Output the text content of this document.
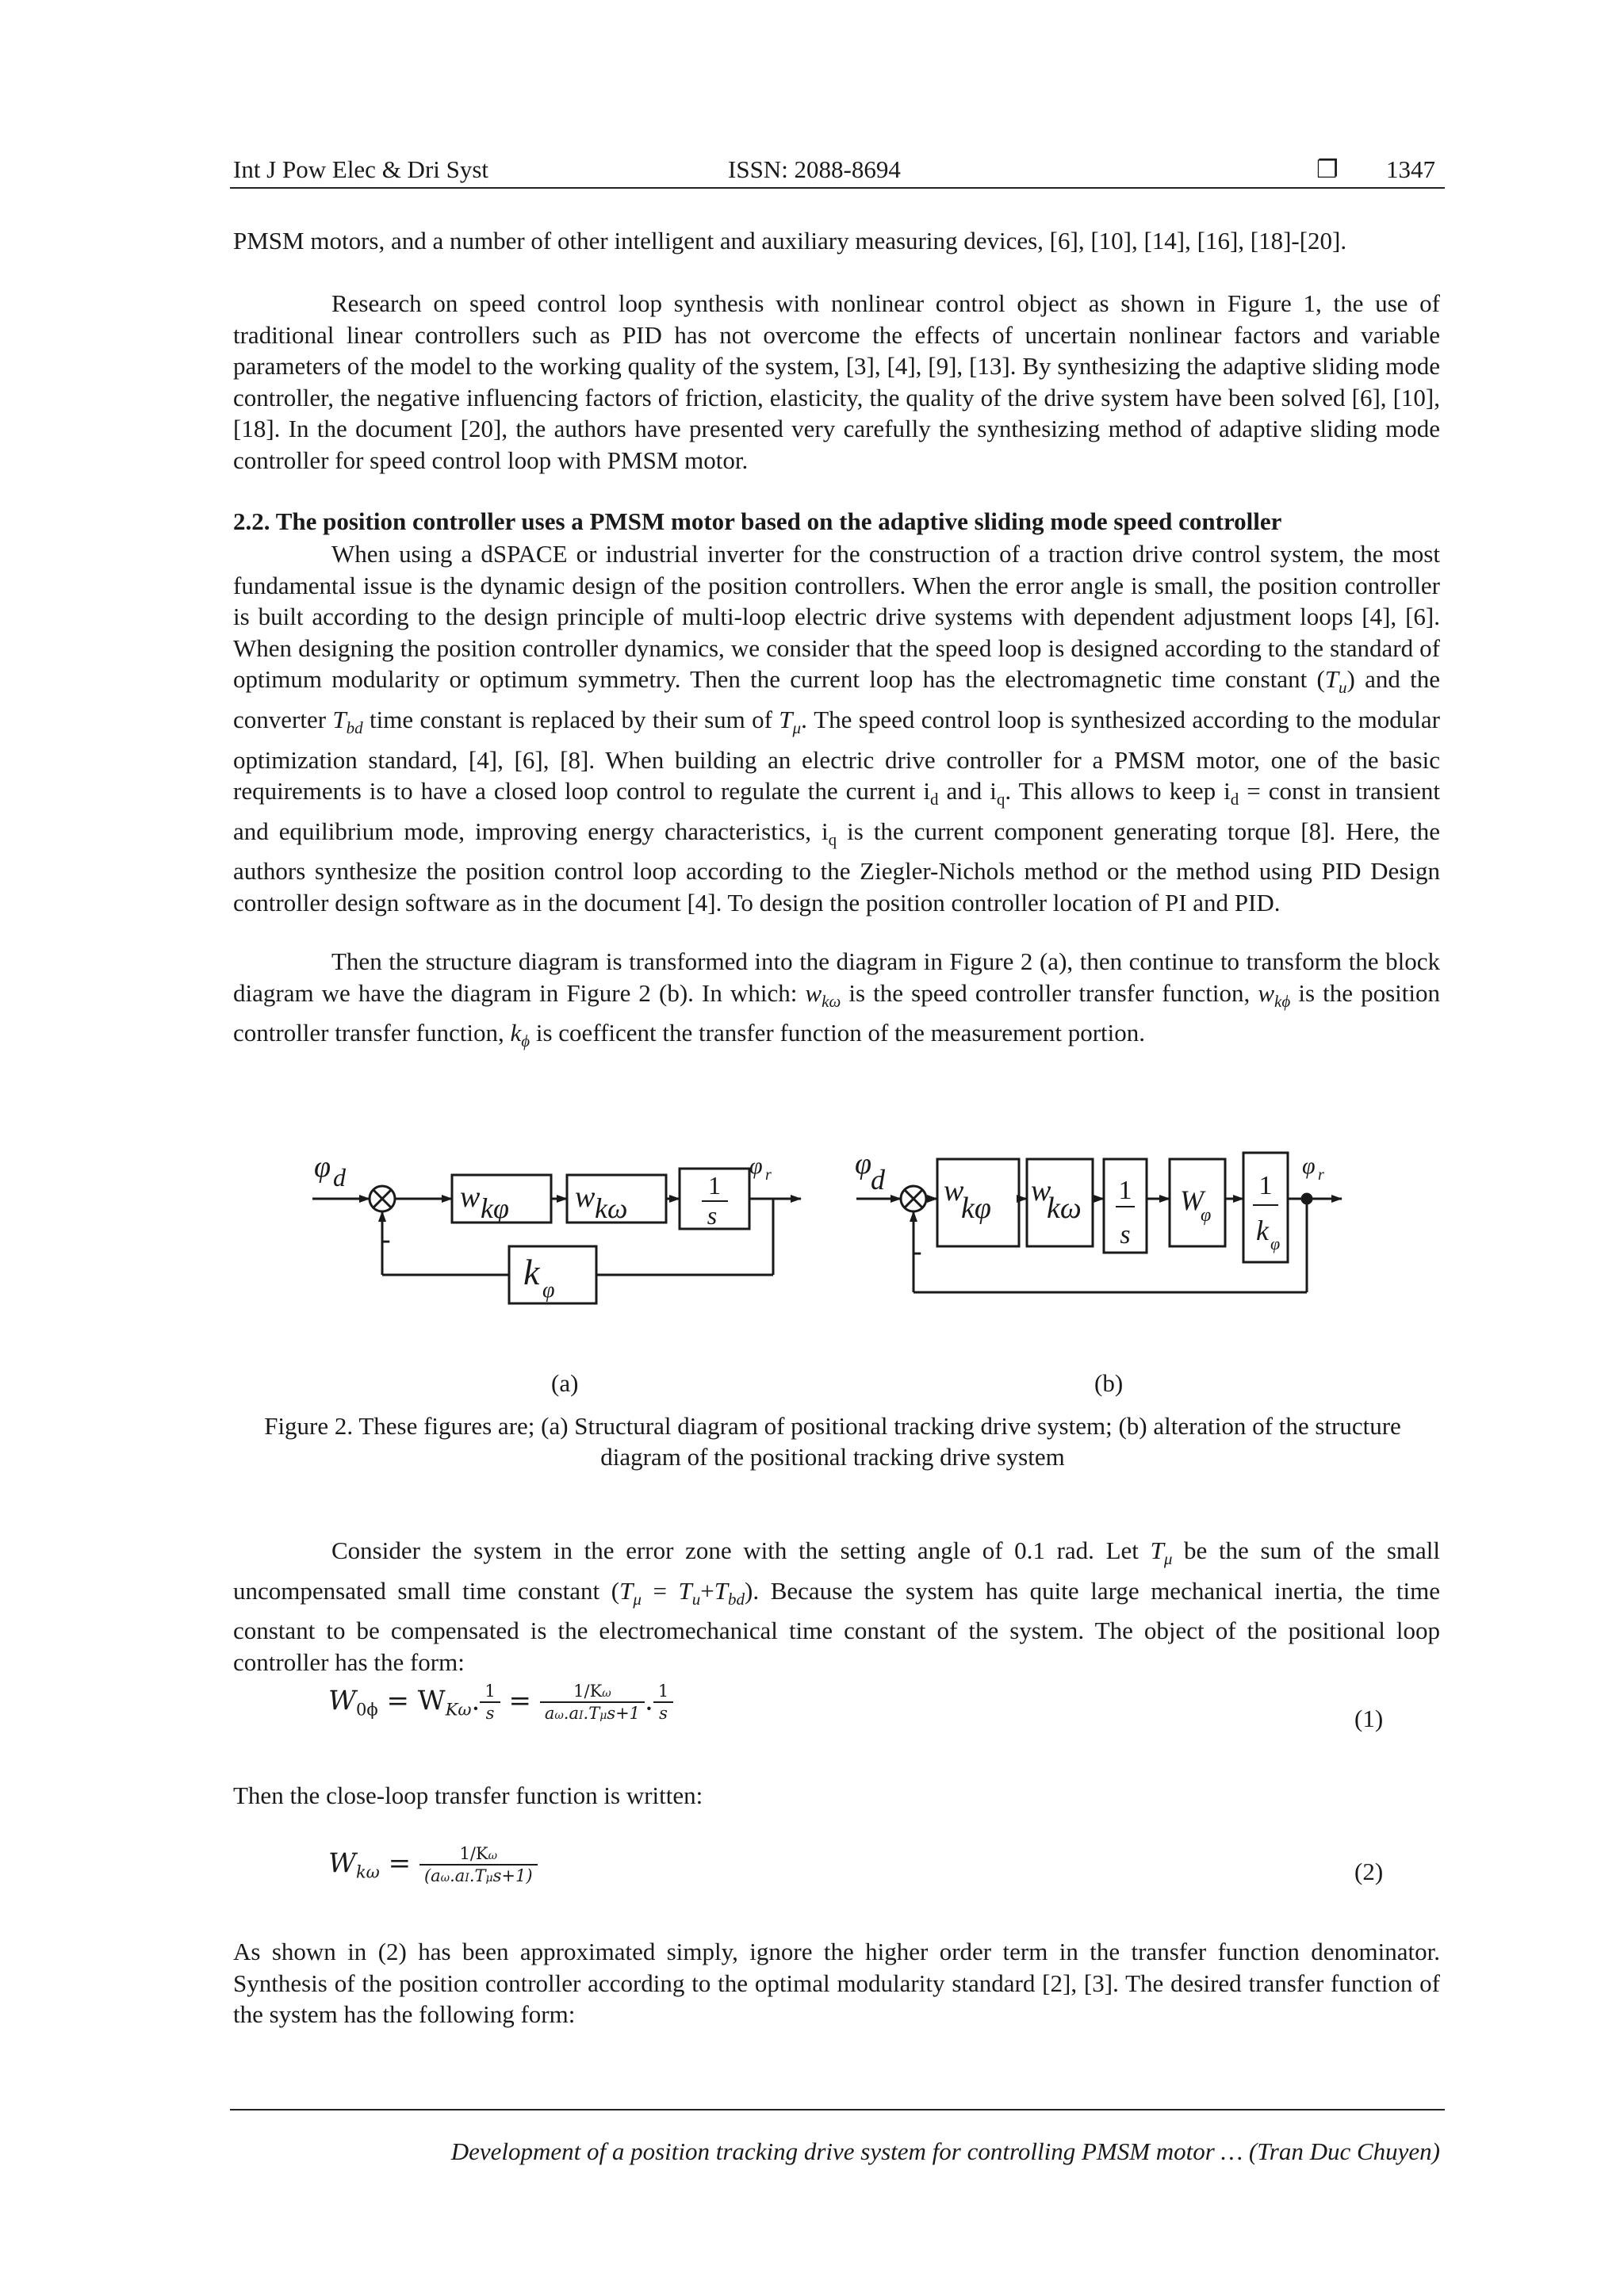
Int J Pow Elec & Dri Syst	ISSN: 2088-8694	❐ 1347

PMSM motors, and a number of other intelligent and auxiliary measuring devices, [6], [10], [14], [16], [18]-[20].

Research on speed control loop synthesis with nonlinear control object as shown in Figure 1, the use of traditional linear controllers such as PID has not overcome the effects of uncertain nonlinear factors and variable parameters of the model to the working quality of the system, [3], [4], [9], [13]. By synthesizing the adaptive sliding mode controller, the negative influencing factors of friction, elasticity, the quality of the drive system have been solved [6], [10], [18]. In the document [20], the authors have presented very carefully the synthesizing method of adaptive sliding mode controller for speed control loop with PMSM motor.

2.2. The position controller uses a PMSM motor based on the adaptive sliding mode speed controller

When using a dSPACE or industrial inverter for the construction of a traction drive control system, the most fundamental issue is the dynamic design of the position controllers. When the error angle is small, the position controller is built according to the design principle of multi-loop electric drive systems with dependent adjustment loops [4], [6]. When designing the position controller dynamics, we consider that the speed loop is designed according to the standard of optimum modularity or optimum symmetry. Then the current loop has the electromagnetic time constant $(T_u)$ and the converter $T_{bd}$ time constant is replaced by their sum of $T_\mu$. The speed control loop is synthesized according to the modular optimization standard, [4], [6], [8]. When building an electric drive controller for a PMSM motor, one of the basic requirements is to have a closed loop control to regulate the current $i_d$ and $i_q$. This allows to keep $i_d$ = const in transient and equilibrium mode, improving energy characteristics, $i_q$ is the current component generating torque [8]. Here, the authors synthesize the position control loop according to the Ziegler-Nichols method or the method using PID Design controller design software as in the document [4]. To design the position controller location of PI and PID.

Then the structure diagram is transformed into the diagram in Figure 2 (a), then continue to transform the block diagram we have the diagram in Figure 2 (b). In which: $w_{k\omega}$ is the speed controller transfer function, $w_{k\phi}$ is the position controller transfer function, $k_\phi$ is coefficent the transfer function of the measurement portion.

φ d
w kφ w kω
k φ
φ r
s
1
-
(a)
φ
d w
kφ
w
kω
s
W
φ k φ
φ r
1	1
-
(b)
Figure 2. These figures are; (a) Structural diagram of positional tracking drive system; (b) alteration of the structure diagram of the positional tracking drive system

Consider the system in the error zone with the setting angle of 0.1 rad. Let $T_\mu$ be the sum of the small uncompensated small time constant $(T_\mu = T_u+T_{bd})$. Because the system has quite large mechanical inertia, the time constant to be compensated is the electromechanical time constant of the system. The object of the positional loop controller has the form:

$W_{0\phi} = W_{K\omega}$. $\frac{1}{s} = \frac{1/K\omega}{\text{aω.aI.Tμs+1}}$ . $\frac{1}{s}$	(1)

Then the close-loop transfer function is written:

$W_{k\omega} = \frac{1/K\omega}{\text{(aω.aI.Tμs+1)}}$	(2)

As shown in (2) has been approximated simply, ignore the higher order term in the transfer function denominator. Synthesis of the position controller according to the optimal modularity standard [2], [3]. The desired transfer function of the system has the following form:

Development of a position tracking drive system for controlling PMSM motor … (Tran Duc Chuyen)
